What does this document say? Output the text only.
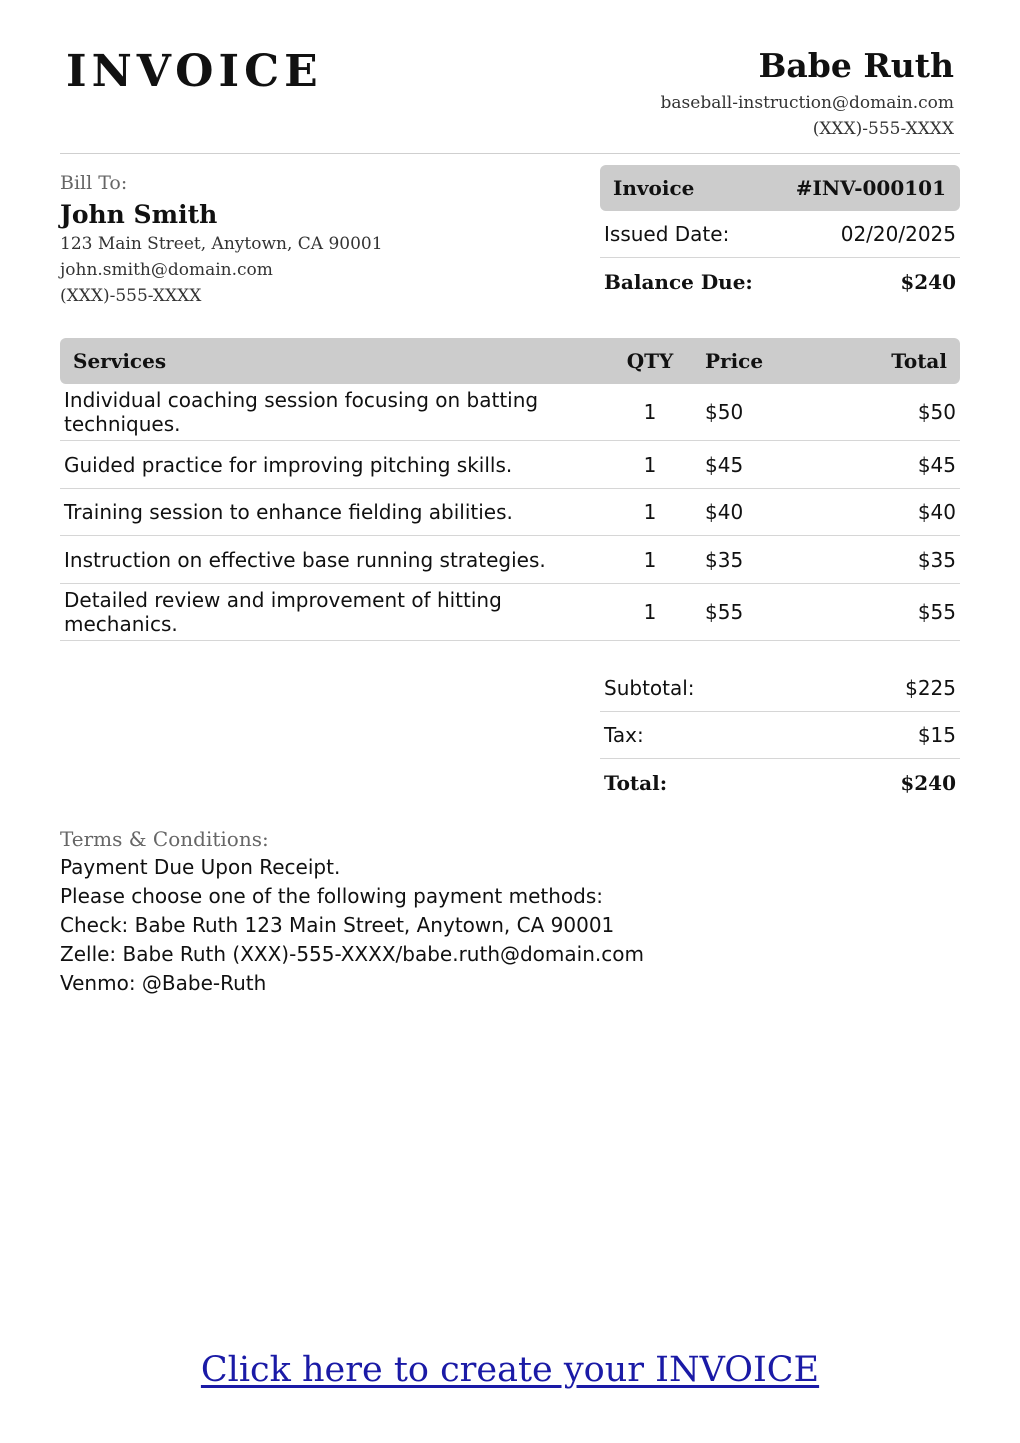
INVOICE	Babe Ruth
baseball-instruction@domain.com
(XXX)-555-XXXX
Bill To:
John Smith
123 Main Street, Anytown, CA 90001
john.smith@domain.com
(XXX)-555-XXXX
Invoice	#INV-000101
Issued Date:	02/20/2025
Balance Due:	$240
Services	QTY	Price	Total
Individual coaching session focusing on batting techniques.	1	$50	$50
Guided practice for improving pitching skills.	1	$45	$45
Training session to enhance fielding abilities.	1	$40	$40
Instruction on effective base running strategies.	1	$35	$35
Detailed review and improvement of hitting mechanics.	1	$55	$55
Subtotal:	$225
Tax:	$15
Total:	$240
Terms & Conditions:
Payment Due Upon Receipt.
Please choose one of the following payment methods:
Check: Babe Ruth 123 Main Street, Anytown, CA 90001
Zelle: Babe Ruth (XXX)-555-XXXX/babe.ruth@domain.com
Venmo: @Babe-Ruth
Click here to create your INVOICE
